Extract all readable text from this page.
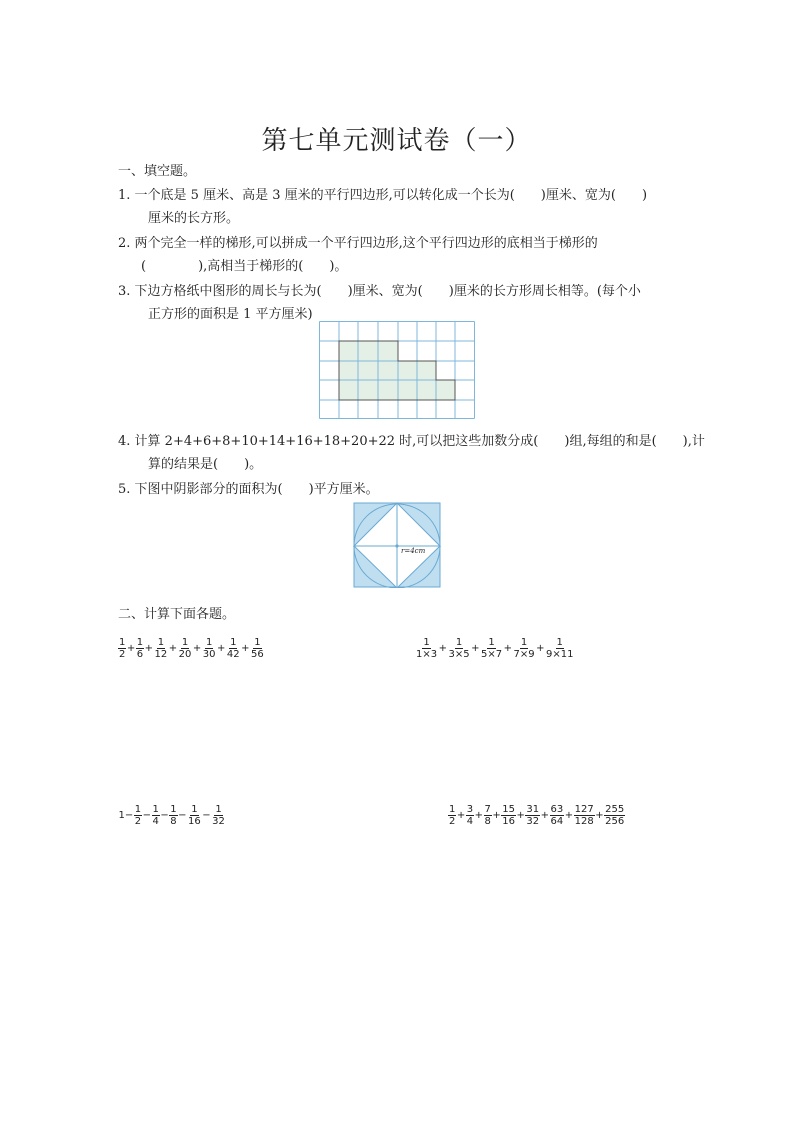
第七单元测试卷（一）
一、填空题。
1. 一个底是 5 厘米、高是 3 厘米的平行四边形,可以转化成一个长为(　　)厘米、宽为(　　)
厘米的长方形。
2. 两个完全一样的梯形,可以拼成一个平行四边形,这个平行四边形的底相当于梯形的
(　　　　),高相当于梯形的(　　)。
3. 下边方格纸中图形的周长与长为(　　)厘米、宽为(　　)厘米的长方形周长相等。(每个小
正方形的面积是 1 平方厘米)
4. 计算 2+4+6+8+10+14+16+18+20+22 时,可以把这些加数分成(　　)组,每组的和是(　　),计
算的结果是(　　)。
5. 下图中阴影部分的面积为(　　)平方厘米。
r=4cm
二、计算下面各题。
$\frac{1}{2} + \frac{1}{6} + \frac{1}{12} + \frac{1}{20} + \frac{1}{30} + \frac{1}{42} + \frac{1}{56}$	$\frac{1}{1\times 3} + \frac{1}{3\times 5} + \frac{1}{5\times 7} + \frac{1}{7\times 9} + \frac{1}{9\times 11}$
$1- \frac{1}{2} - \frac{1}{4} - \frac{1}{8} - \frac{1}{16} - \frac{1}{32}$	$\frac{1}{2} + \frac{3}{4} + \frac{7}{8} + \frac{15}{16} + \frac{31}{32} + \frac{63}{64} + \frac{127}{128} + \frac{255}{256}$
